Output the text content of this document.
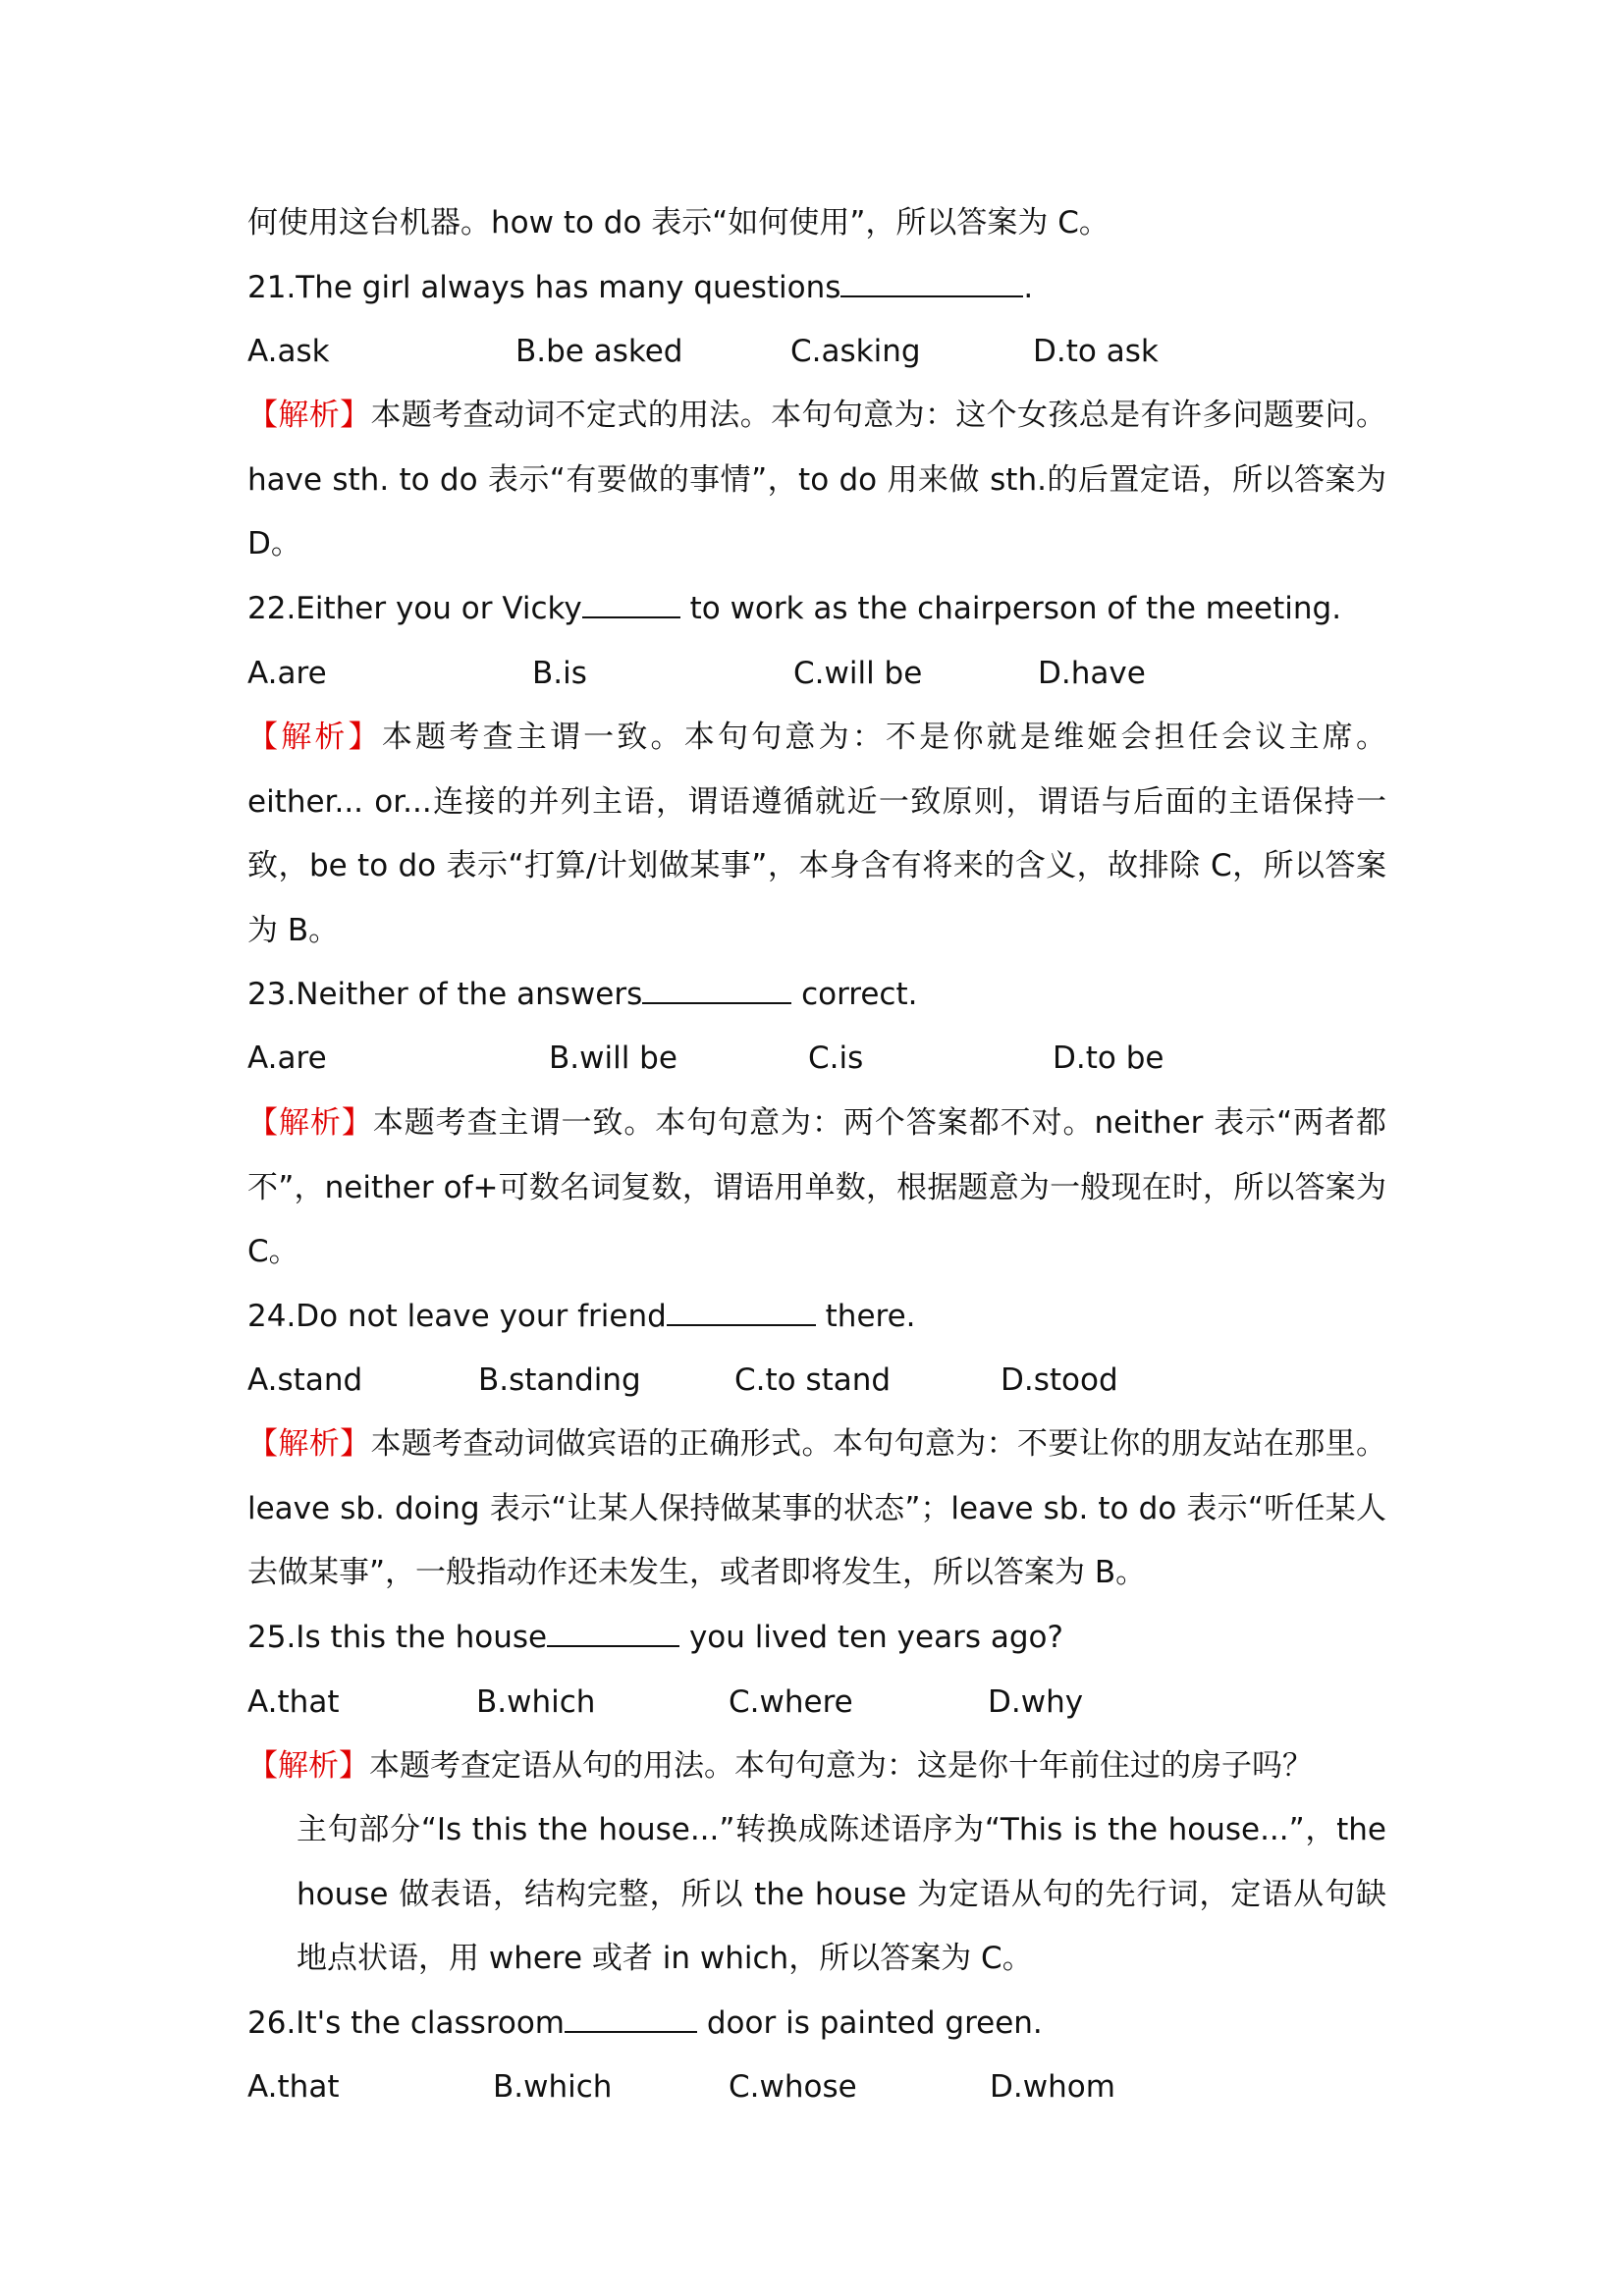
何使用这台机器。how to do 表示“如何使用”，所以答案为 C。
21.The girl always has many questions	.
A.ask	B.be asked	C.asking	D.to ask
【解析】本题考查动词不定式的用法。本句句意为：这个女孩总是有许多问题要问。have sth. to do 表示“有要做的事情”，to do 用来做 sth.的后置定语，所以答案为 D。
22.Either you or Vicky	to work as the chairperson of the meeting.
A.are	B.is	C.will be	D.have
【解析】本题考查主谓一致。本句句意为：不是你就是维姬会担任会议主席。either... or...连接的并列主语，谓语遵循就近一致原则，谓语与后面的主语保持一致，be to do 表示“打算/计划做某事”，本身含有将来的含义，故排除 C，所以答案为 B。
23.Neither of the answers	correct.
A.are	B.will be	C.is	D.to be
【解析】本题考查主谓一致。本句句意为：两个答案都不对。neither 表示“两者都不”，neither of+可数名词复数，谓语用单数，根据题意为一般现在时，所以答案为 C。
24.Do not leave your friend	there.
A.stand	B.standing	C.to stand	D.stood
【解析】本题考查动词做宾语的正确形式。本句句意为：不要让你的朋友站在那里。leave sb. doing 表示“让某人保持做某事的状态”；leave sb. to do 表示“听任某人去做某事”，一般指动作还未发生，或者即将发生，所以答案为 B。
25.Is this the house	you lived ten years ago?
A.that	B.which	C.where	D.why
【解析】本题考查定语从句的用法。本句句意为：这是你十年前住过的房子吗？
主句部分“Is this the house...”转换成陈述语序为“This is the house...”，the house 做表语，结构完整，所以 the house 为定语从句的先行词，定语从句缺地点状语，用 where 或者 in which，所以答案为 C。
26.It's the classroom	door is painted green.
A.that	B.which	C.whose	D.whom
